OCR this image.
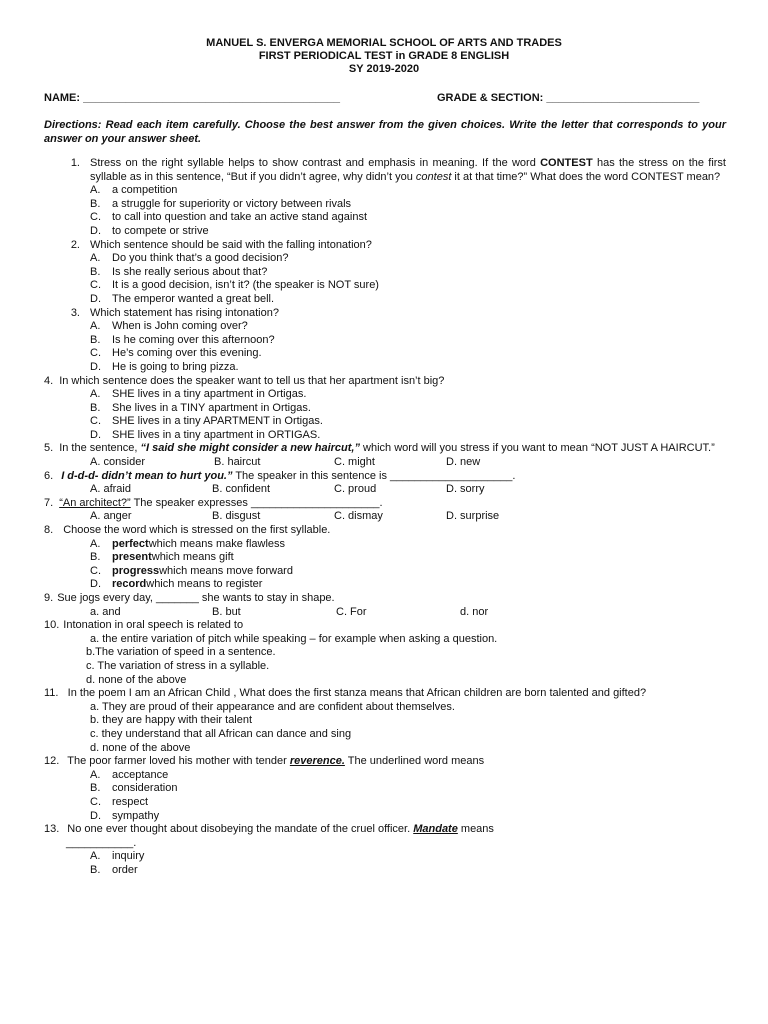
MANUEL S. ENVERGA MEMORIAL SCHOOL OF ARTS AND TRADES
FIRST PERIODICAL TEST in GRADE 8 ENGLISH
SY 2019-2020
NAME: __________________________________________	GRADE & SECTION: _________________________
Directions: Read each item carefully. Choose the best answer from the given choices. Write the letter that corresponds to your answer on your answer sheet.
1. Stress on the right syllable helps to show contrast and emphasis in meaning. If the word CONTEST has the stress on the first syllable as in this sentence, “But if you didn’t agree, why didn’t you contest it at that time?” What does the word CONTEST mean?
A.	a competition
B.	a struggle for superiority or victory between rivals
C.	to call into question and take an active stand against
D.	to compete or strive
2. Which sentence should be said with the falling intonation?
A.	Do you think that’s a good decision?
B.	Is she really serious about that?
C.	It is a good decision, isn’t it? (the speaker is NOT sure)
D.	The emperor wanted a great bell.
3. Which statement has rising intonation?
A.	When is John coming over?
B.	Is he coming over this afternoon?
C.	He’s coming over this evening.
D.	He is going to bring pizza.
4. In which sentence does the speaker want to tell us that her apartment isn’t big?
A.	SHE lives in a tiny apartment in Ortigas.
B.	She lives in a TINY apartment in Ortigas.
C.	SHE lives in a tiny APARTMENT in Ortigas.
D.	SHE lives in a tiny apartment in ORTIGAS.
5. In the sentence, “I said she might consider a new haircut,” which word will you stress if you want to mean “NOT JUST A HAIRCUT.”
A. consider	B. haircut	C. might	D. new
6. I d-d-d- didn’t mean to hurt you.” The speaker in this sentence is ____________________.
A. afraid	B. confident	C. proud	D. sorry
7. “An architect?” The speaker expresses _____________________.
A. anger	B. disgust	C. dismay	D. surprise
8. Choose the word which is stressed on the first syllable.
A.	perfect which means make flawless
B.	present which means gift
C.	progress which means move forward
D.	record which means to register
9. Sue jogs every day, _______ she wants to stay in shape.
a. and	B. but	C. For	d. nor
10. Intonation in oral speech is related to
a. the entire variation of pitch while speaking – for example when asking a question.
b.The variation of speed in a sentence.
c. The variation of stress in a syllable.
d. none of the above
11. In the poem I am an African Child , What does the first stanza means that African children are born talented and gifted?
a. They are proud of their appearance and are confident about themselves.
b. they are happy with their talent
c. they understand that all African can dance and sing
d. none of the above
12. The poor farmer loved his mother with tender reverence. The underlined word means
A.	acceptance
B.	consideration
C.	respect
D.	sympathy
13. No one ever thought about disobeying the mandate of the cruel officer. Mandate means
___________.
A.	inquiry
B.	order
